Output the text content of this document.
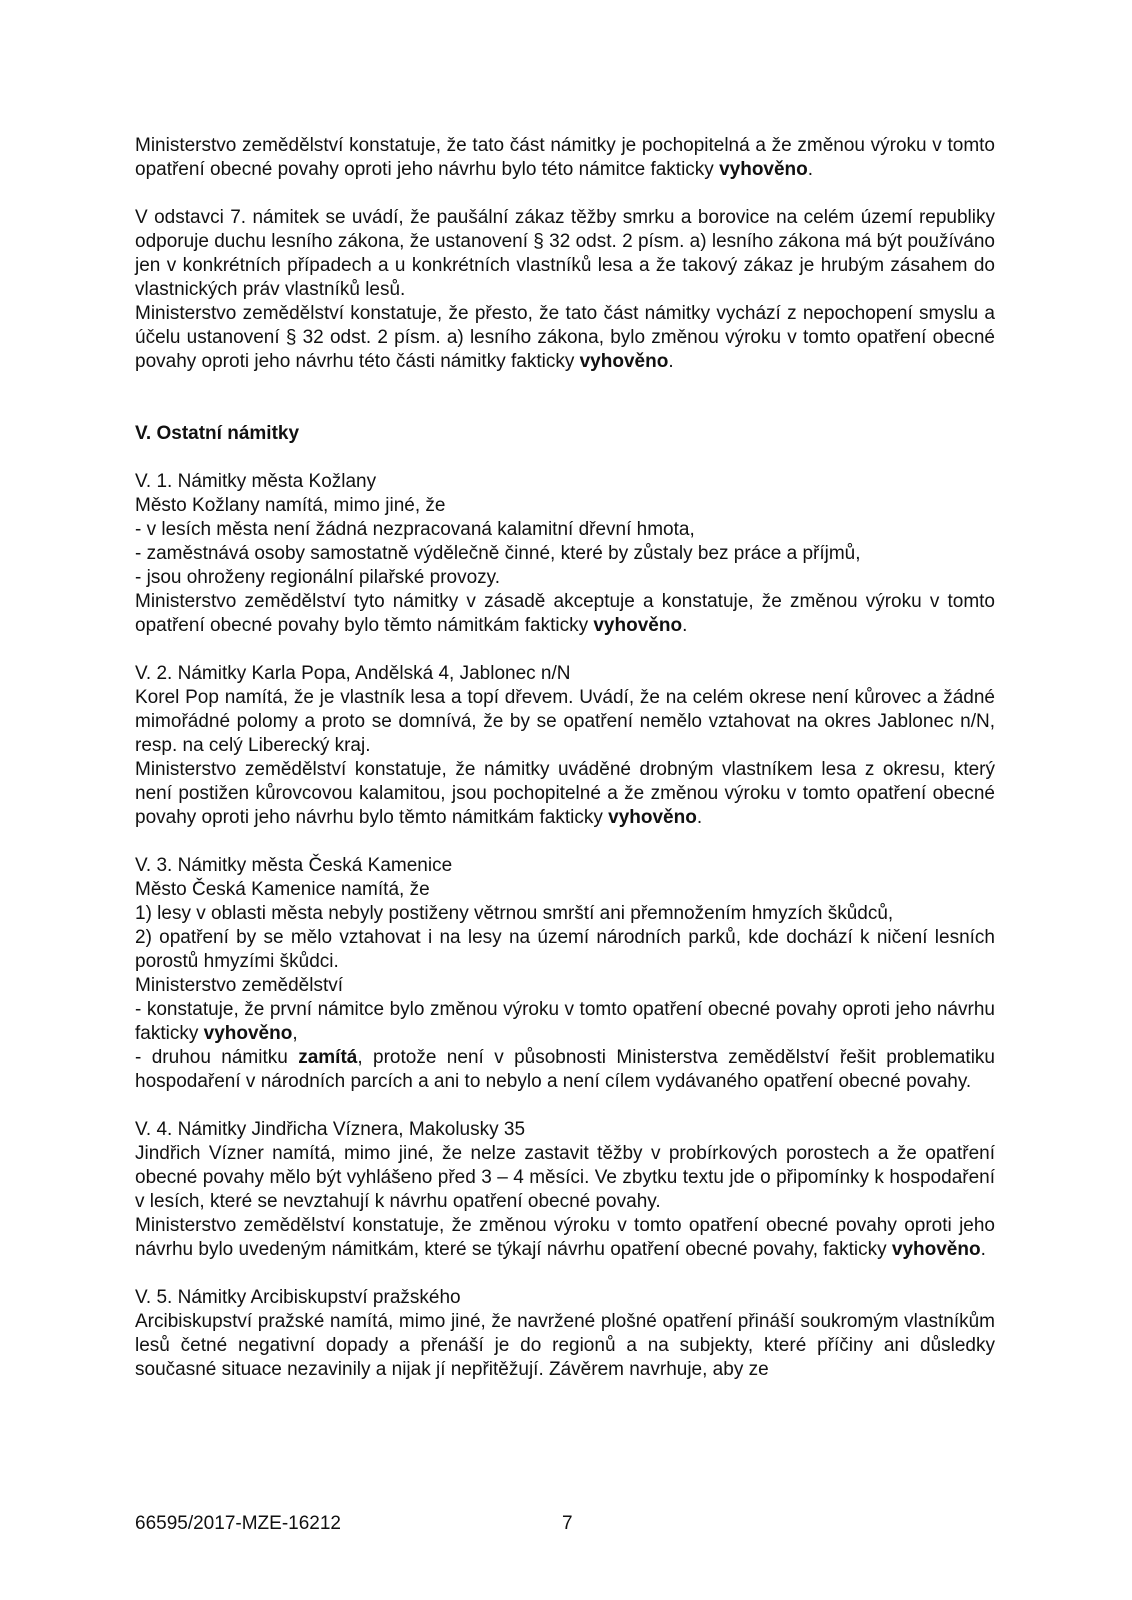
Ministerstvo zemědělství konstatuje, že tato část námitky je pochopitelná a že změnou výroku v tomto opatření obecné povahy oproti jeho návrhu bylo této námitce fakticky vyhověno.

V odstavci 7. námitek se uvádí, že paušální zákaz těžby smrku a borovice na celém území republiky odporuje duchu lesního zákona, že ustanovení § 32 odst. 2 písm. a) lesního zákona má být používáno jen v konkrétních případech a u konkrétních vlastníků lesa a že takový zákaz je hrubým zásahem do vlastnických práv vlastníků lesů.

Ministerstvo zemědělství konstatuje, že přesto, že tato část námitky vychází z nepochopení smyslu a účelu ustanovení § 32 odst. 2 písm. a) lesního zákona, bylo změnou výroku v tomto opatření obecné povahy oproti jeho návrhu této části námitky fakticky vyhověno.

V. Ostatní námitky

V. 1. Námitky města Kožlany

Město Kožlany namítá, mimo jiné, že

- v lesích města není žádná nezpracovaná kalamitní dřevní hmota,

- zaměstnává osoby samostatně výdělečně činné, které by zůstaly bez práce a příjmů,

- jsou ohroženy regionální pilařské provozy.

Ministerstvo zemědělství tyto námitky v zásadě akceptuje a konstatuje, že změnou výroku v tomto opatření obecné povahy bylo těmto námitkám fakticky vyhověno.

V. 2. Námitky Karla Popa, Andělská 4, Jablonec n/N

Korel Pop namítá, že je vlastník lesa a topí dřevem. Uvádí, že na celém okrese není kůrovec a žádné mimořádné polomy a proto se domnívá, že by se opatření nemělo vztahovat na okres Jablonec n/N, resp. na celý Liberecký kraj.

Ministerstvo zemědělství konstatuje, že námitky uváděné drobným vlastníkem lesa z okresu, který není postižen kůrovcovou kalamitou, jsou pochopitelné a že změnou výroku v tomto opatření obecné povahy oproti jeho návrhu bylo těmto námitkám fakticky vyhověno.

V. 3. Námitky města Česká Kamenice

Město Česká Kamenice namítá, že

1) lesy v oblasti města nebyly postiženy větrnou smrští ani přemnožením hmyzích škůdců,

2) opatření by se mělo vztahovat i na lesy na území národních parků, kde dochází k ničení lesních porostů hmyzími škůdci.

Ministerstvo zemědělství

- konstatuje, že první námitce bylo změnou výroku v tomto opatření obecné povahy oproti jeho návrhu fakticky vyhověno,

- druhou námitku zamítá, protože není v působnosti Ministerstva zemědělství řešit problematiku hospodaření v národních parcích a ani to nebylo a není cílem vydávaného opatření obecné povahy.

V. 4. Námitky Jindřicha Víznera, Makolusky 35

Jindřich Vízner namítá, mimo jiné, že nelze zastavit těžby v probírkových porostech a že opatření obecné povahy mělo být vyhlášeno před 3 – 4 měsíci. Ve zbytku textu jde o připomínky k hospodaření v lesích, které se nevztahují k návrhu opatření obecné povahy.

Ministerstvo zemědělství konstatuje, že změnou výroku v tomto opatření obecné povahy oproti jeho návrhu bylo uvedeným námitkám, které se týkají návrhu opatření obecné povahy, fakticky vyhověno.

V. 5. Námitky Arcibiskupství pražského

Arcibiskupství pražské namítá, mimo jiné, že navržené plošné opatření přináší soukromým vlastníkům lesů četné negativní dopady a přenáší je do regionů a na subjekty, které příčiny ani důsledky současné situace nezavinily a nijak jí nepřitěžují. Závěrem navrhuje, aby ze

66595/2017-MZE-16212	7
